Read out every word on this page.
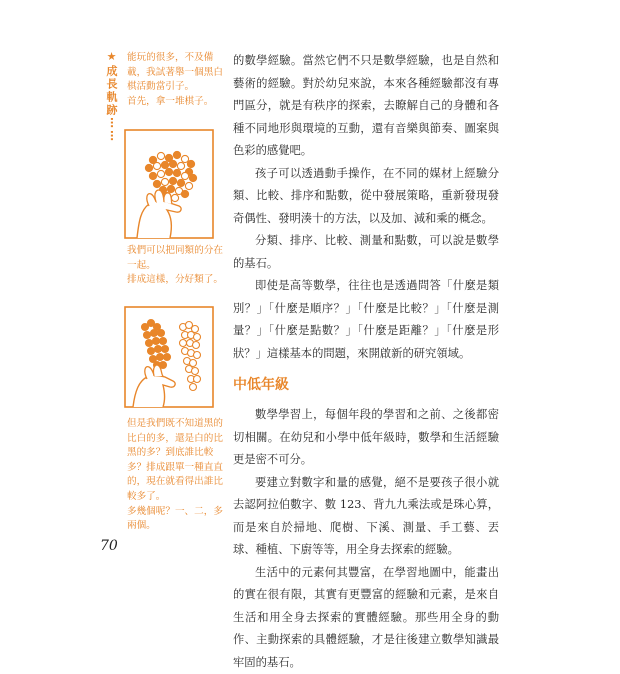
★成長軌跡⋯⋯

能玩的很多，不及備

載，我試著舉一個黑白

棋活動當引子。

首先，拿一堆棋子。

我們可以把同類的分在

一起。

排成這樣，分好類了。

但是我們既不知道黑的

比白的多，還是白的比

黑的多？到底誰比較

多？排成跟單一種直直

的，現在就看得出誰比

較多了。

多幾個呢？一、二，多

兩個。

70

的數學經驗。當然它們不只是數學經驗，也是自然和藝術的經驗。對於幼兒來說，本來各種經驗都沒有專門區分，就是有秩序的探索，去瞭解自己的身體和各種不同地形與環境的互動，還有音樂與節奏、圖案與色彩的感覺吧。

孩子可以透過動手操作，在不同的媒材上經驗分類、比較、排序和點數，從中發展策略，重新發現發奇偶性、發明湊十的方法，以及加、減和乘的概念。

分類、排序、比較、測量和點數，可以說是數學的基石。

即使是高等數學，往往也是透過問答「什麼是類別？」「什麼是順序？」「什麼是比較？」「什麼是測量？」「什麼是點數？」「什麼是距離？」「什麼是形狀？」這樣基本的問題，來開啟新的研究領域。

中低年級

數學學習上，每個年段的學習和之前、之後都密切相關。在幼兒和小學中低年級時，數學和生活經驗更是密不可分。

要建立對數字和量的感覺，絕不是要孩子很小就去認阿拉伯數字、數 123、背九九乘法或是珠心算，而是來自於掃地、爬樹、下溪、測量、手工藝、丟球、種植、下廚等等，用全身去探索的經驗。

生活中的元素何其豐富，在學習地圖中，能畫出的實在很有限，其實有更豐富的經驗和元素，是來自生活和用全身去探索的實體經驗。那些用全身的動作、主動探索的具體經驗，才是往後建立數學知識最牢固的基石。
